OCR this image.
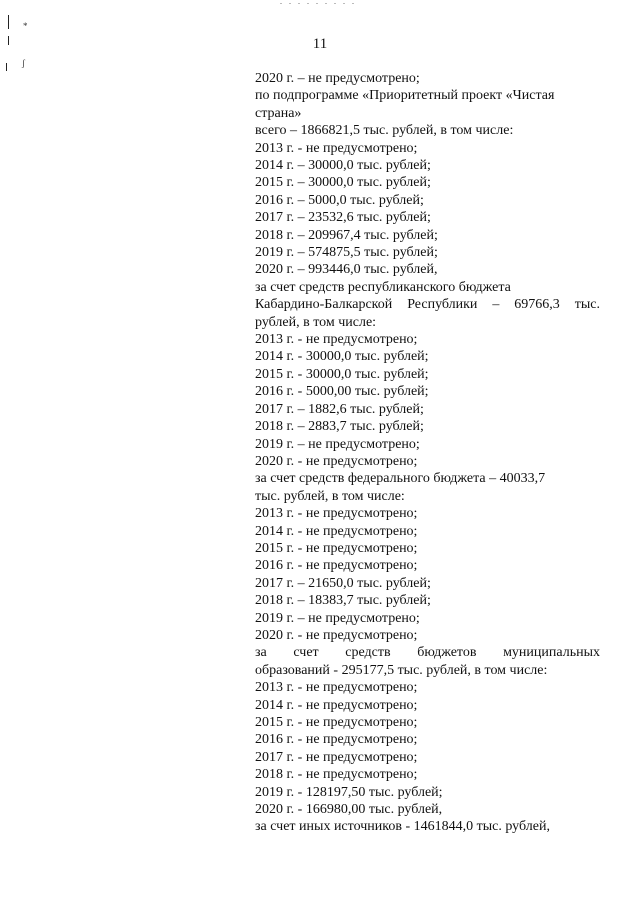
*
ʃ
11
2020 г. – не предусмотрено;
по подпрограмме «Приоритетный проект «Чистая
страна»
всего – 1866821,5 тыс. рублей, в том числе:
2013 г. - не предусмотрено;
2014 г. – 30000,0 тыс. рублей;
2015 г. – 30000,0 тыс. рублей;
2016 г. – 5000,0 тыс. рублей;
2017 г. – 23532,6 тыс. рублей;
2018 г. – 209967,4 тыс. рублей;
2019 г. – 574875,5 тыс. рублей;
2020 г. – 993446,0 тыс. рублей,
за счет средств республиканского бюджета
Кабардино-Балкарской Республики – 69766,3 тыс.
рублей, в том числе:
2013 г. - не предусмотрено;
2014 г. - 30000,0 тыс. рублей;
2015 г. - 30000,0 тыс. рублей;
2016 г. - 5000,00 тыс. рублей;
2017 г. – 1882,6 тыс. рублей;
2018 г. – 2883,7 тыс. рублей;
2019 г. – не предусмотрено;
2020 г. - не предусмотрено;
за счет средств федерального бюджета – 40033,7
тыс. рублей, в том числе:
2013 г. - не предусмотрено;
2014 г. - не предусмотрено;
2015 г. - не предусмотрено;
2016 г. - не предусмотрено;
2017 г. – 21650,0 тыс. рублей;
2018 г. – 18383,7 тыс. рублей;
2019 г. – не предусмотрено;
2020 г. - не предусмотрено;
за счет средств бюджетов муниципальных
образований - 295177,5 тыс. рублей, в том числе:
2013 г. - не предусмотрено;
2014 г. - не предусмотрено;
2015 г. - не предусмотрено;
2016 г. - не предусмотрено;
2017 г. - не предусмотрено;
2018 г. - не предусмотрено;
2019 г. - 128197,50 тыс. рублей;
2020 г. - 166980,00 тыс. рублей,
за счет иных источников - 1461844,0 тыс. рублей,
